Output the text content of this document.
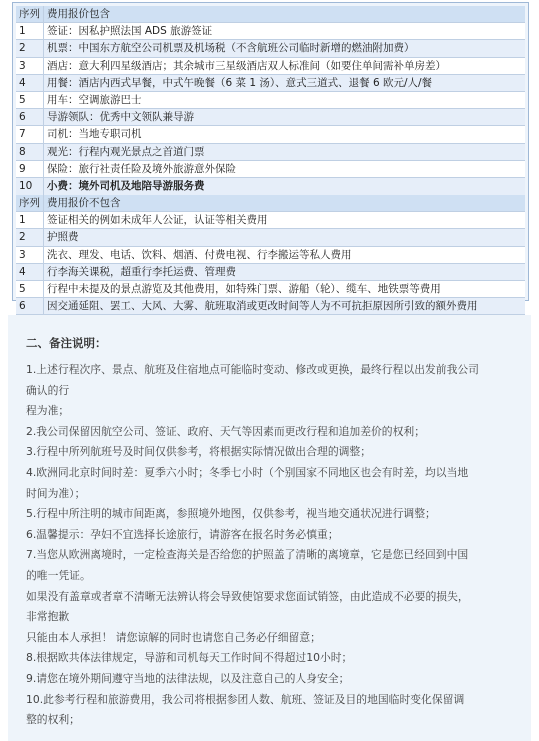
序列 费用报价包含
1	签证：因私护照法国 ADS 旅游签证
2	机票：中国东方航空公司机票及机场税（不含航班公司临时新增的燃油附加费）
3	酒店：意大利四星级酒店；其余城市三星级酒店双人标准间（如要住单间需补单房差）
4	用餐：酒店内西式早餐，中式午晚餐（6 菜 1 汤）、意式三道式、退餐 6 欧元/人/餐
5	用车：空调旅游巴士
6	导游领队：优秀中文领队兼导游
7	司机：当地专职司机
8	观光：行程内观光景点之首道门票
9	保险：旅行社责任险及境外旅游意外保险
10	小费：境外司机及地陪导游服务费
序列 费用报价不包含
1	签证相关的例如未成年人公证，认证等相关费用
2	护照费
3	洗衣、理发、电话、饮料、烟酒、付费电视、行李搬运等私人费用
4	行李海关课税，超重行李托运费、管理费
5	行程中未提及的景点游览及其他费用，如特殊门票、游船（轮）、缆车、地铁票等费用
6	因交通延阻、罢工、大风、大雾、航班取消或更改时间等人为不可抗拒原因所引致的额外费用
二、备注说明：
1.上述行程次序、景点、航班及住宿地点可能临时变动、修改或更换，最终行程以出发前我公司
确认的行
程为准；
2.我公司保留因航空公司、签证、政府、天气等因素而更改行程和追加差价的权利；
3.行程中所列航班号及时间仅供参考，将根据实际情况做出合理的调整；
4.欧洲同北京时间时差：夏季六小时；冬季七小时（个别国家不同地区也会有时差，均以当地
时间为准）；
5.行程中所注明的城市间距离，参照境外地图，仅供参考，视当地交通状况进行调整；
6.温馨提示：孕妇不宜选择长途旅行，请游客在报名时务必慎重；
7.当您从欧洲离境时，一定检查海关是否给您的护照盖了清晰的离境章，它是您已经回到中国
的唯一凭证。
如果没有盖章或者章不清晰无法辨认将会导致使馆要求您面试销签，由此造成不必要的损失，
非常抱歉
只能由本人承担！ 请您谅解的同时也请您自己务必仔细留意；
8.根据欧共体法律规定，导游和司机每天工作时间不得超过10小时；
9.请您在境外期间遵守当地的法律法规，以及注意自己的人身安全；
10.此参考行程和旅游费用，我公司将根据参团人数、航班、签证及目的地国临时变化保留调
整的权利；
